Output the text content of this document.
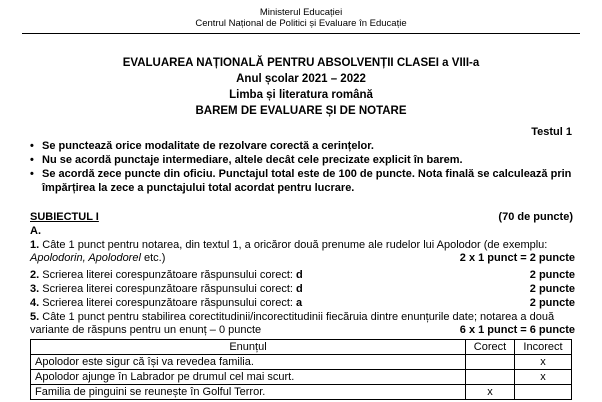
Ministerul Educației
Centrul Național de Politici și Evaluare în Educație
EVALUAREA NAȚIONALĂ PENTRU ABSOLVENȚII CLASEI a VIII-a
Anul școlar 2021 – 2022
Limba și literatura română
BAREM DE EVALUARE ȘI DE NOTARE
Testul 1
• Se punctează orice modalitate de rezolvare corectă a cerințelor.
• Nu se acordă punctaje intermediare, altele decât cele precizate explicit în barem.
• Se acordă zece puncte din oficiu. Punctajul total este de 100 de puncte. Nota finală se calculează prin împărțirea la zece a punctajului total acordat pentru lucrare.
SUBIECTUL I	(70 de puncte)
A.
1. Câte 1 punct pentru notarea, din textul 1, a oricăror două prenume ale rudelor lui Apolodor (de exemplu: Apolodorin, Apolodorel etc.)	2 x 1 punct = 2 puncte
2. Scrierea literei corespunzătoare răspunsului corect: d	2 puncte
3. Scrierea literei corespunzătoare răspunsului corect: d	2 puncte
4. Scrierea literei corespunzătoare răspunsului corect: a	2 puncte
5. Câte 1 punct pentru stabilirea corectitudinii/incorectitudinii fiecăruia dintre enunțurile date; notarea a două variante de răspuns pentru un enunț – 0 puncte	6 x 1 punct = 6 puncte
Enunțul	Corect	Incorect
Apolodor este sigur că își va revedea familia.		x
Apolodor ajunge în Labrador pe drumul cel mai scurt.		x
Familia de pinguini se reunește în Golful Terror.	x	
